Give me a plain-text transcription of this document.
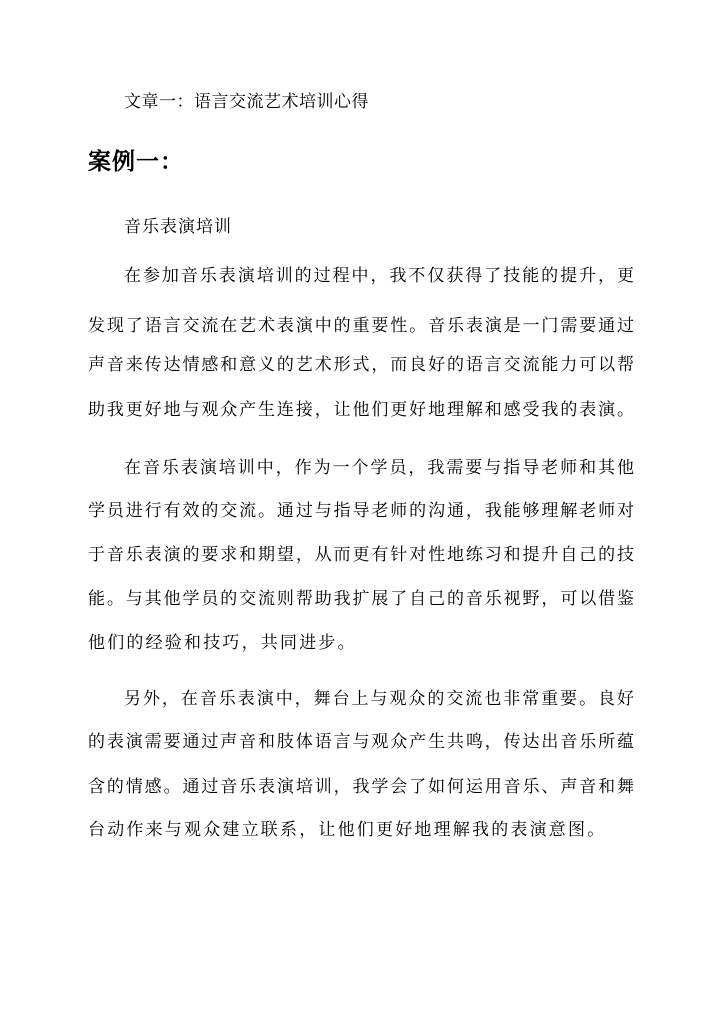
文章一：语言交流艺术培训心得
案例一：
音乐表演培训
在参加音乐表演培训的过程中，我不仅获得了技能的提升，更
发现了语言交流在艺术表演中的重要性。音乐表演是一门需要通过
声音来传达情感和意义的艺术形式，而良好的语言交流能力可以帮
助我更好地与观众产生连接，让他们更好地理解和感受我的表演。
在音乐表演培训中，作为一个学员，我需要与指导老师和其他
学员进行有效的交流。通过与指导老师的沟通，我能够理解老师对
于音乐表演的要求和期望，从而更有针对性地练习和提升自己的技
能。与其他学员的交流则帮助我扩展了自己的音乐视野，可以借鉴
他们的经验和技巧，共同进步。
另外，在音乐表演中，舞台上与观众的交流也非常重要。良好
的表演需要通过声音和肢体语言与观众产生共鸣，传达出音乐所蕴
含的情感。通过音乐表演培训，我学会了如何运用音乐、声音和舞
台动作来与观众建立联系，让他们更好地理解我的表演意图。
